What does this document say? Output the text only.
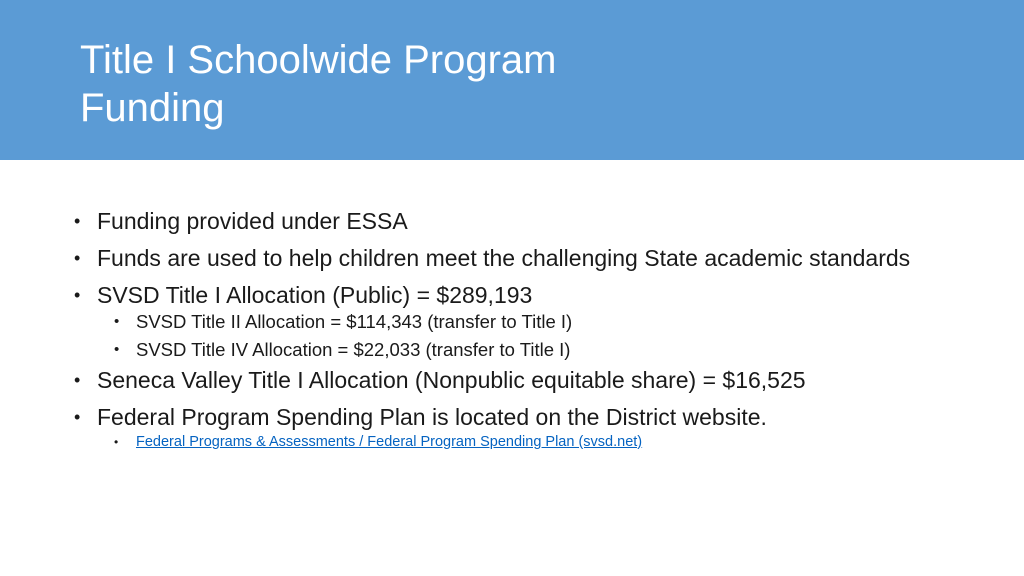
Title I Schoolwide Program
Funding
• Funding provided under ESSA
• Funds are used to help children meet the challenging State academic standards
• SVSD Title I Allocation (Public) = $289,193
• SVSD Title II Allocation = $114,343 (transfer to Title I)
• SVSD Title IV Allocation = $22,033 (transfer to Title I)
• Seneca Valley Title I Allocation (Nonpublic equitable share) = $16,525
• Federal Program Spending Plan is located on the District website.
• Federal Programs & Assessments / Federal Program Spending Plan (svsd.net)
